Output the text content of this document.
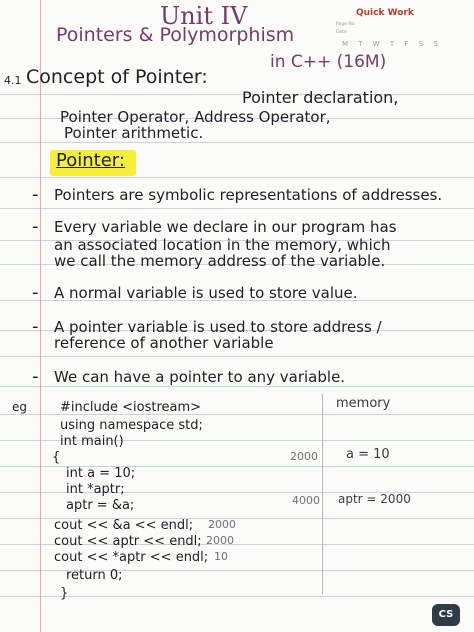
Unit IV
Pointers & Polymorphism
in C++ (16M)
Quick Work
Page No.
Date
M T W T F S S
4.1 Concept of Pointer:
Pointer declaration,
Pointer Operator, Address Operator,
Pointer arithmetic.
Pointer:
- Pointers are symbolic representations of addresses.
- Every variable we declare in our program has
an associated location in the memory, which
we call the memory address of the variable.
- A normal variable is used to store value.
- A pointer variable is used to store address /
reference of another variable
- We can have a pointer to any variable.
eg	#include <iostream>
using namespace std;
int main()
{
int a = 10;
int *aptr;
aptr = &a;
cout << &a << endl;
cout << aptr << endl;
cout << *aptr << endl;
return 0;
}
memory
2000 a = 10
4000 aptr = 2000
2000
2000
10
CS
